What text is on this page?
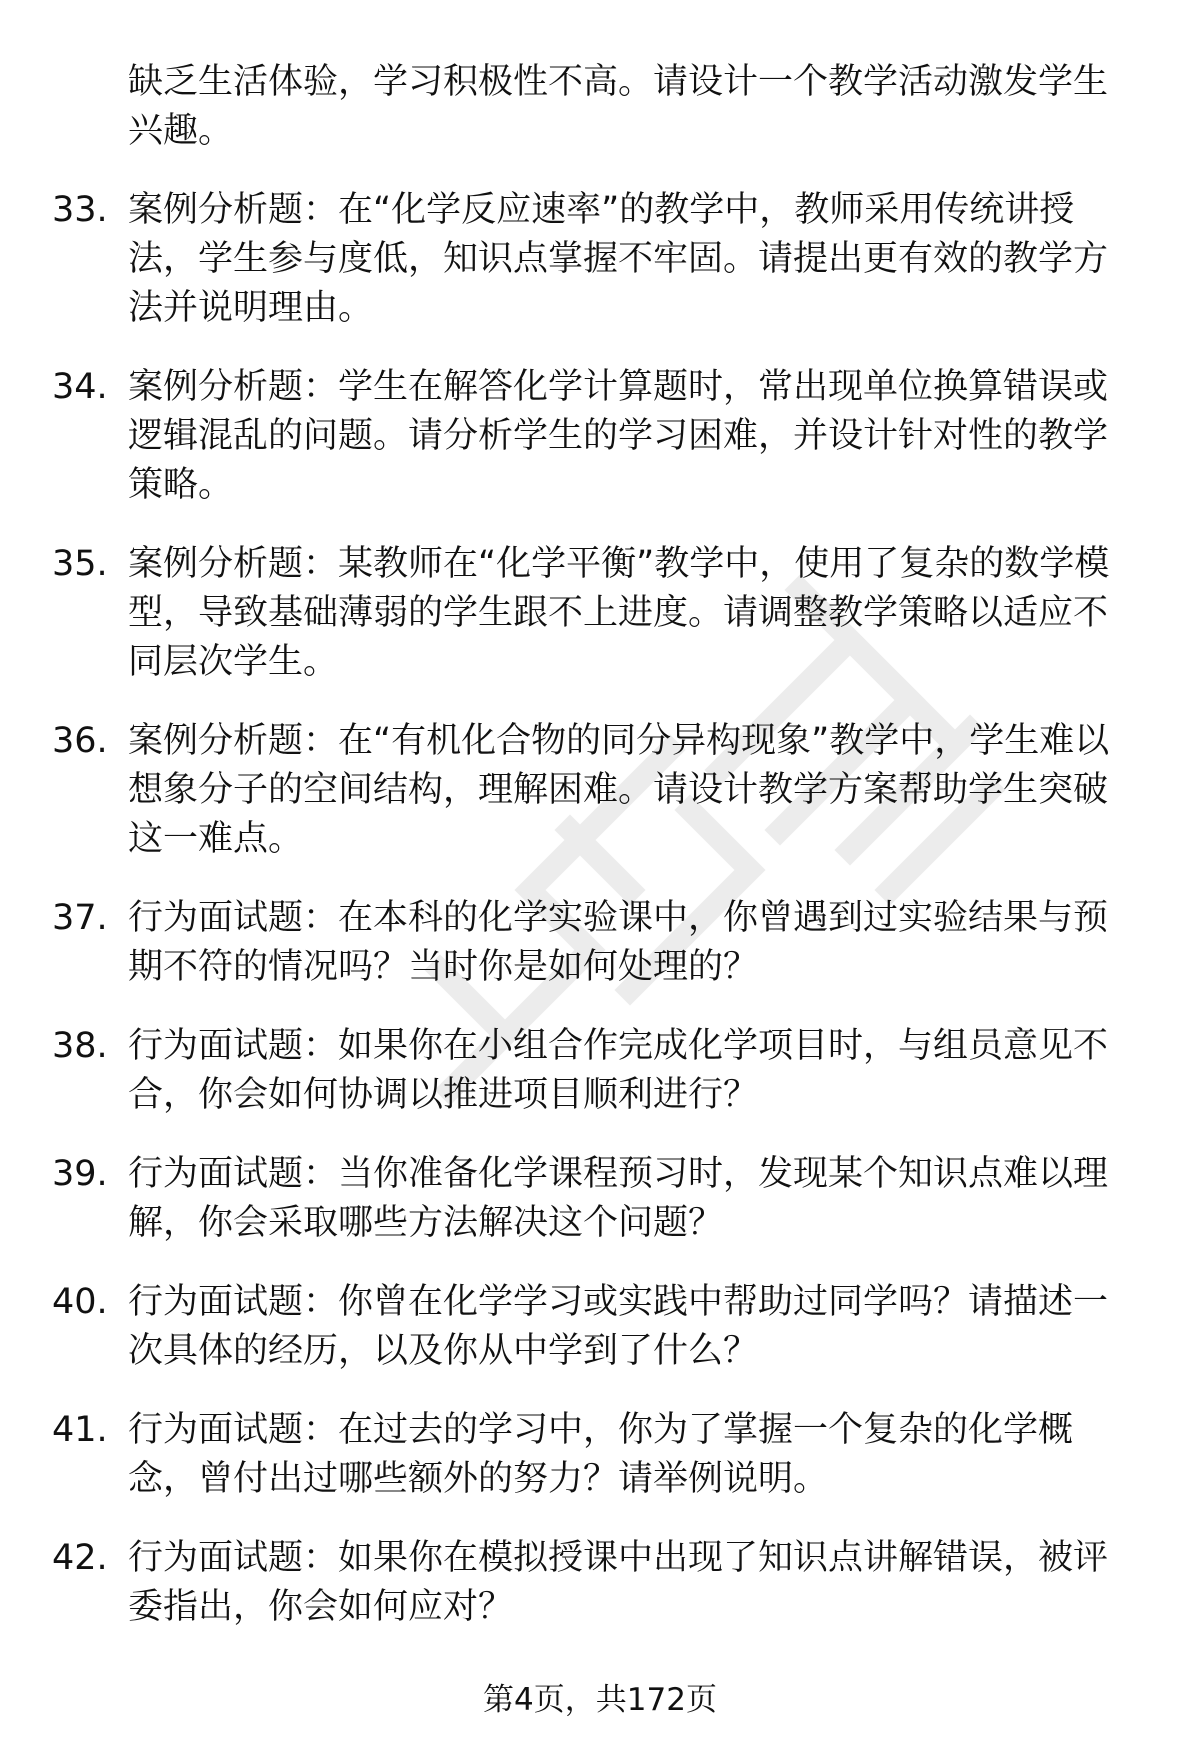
缺乏生活体验，学习积极性不高。请设计一个教学活动激发学生兴趣。
33. 案例分析题：在“化学反应速率”的教学中，教师采用传统讲授法，学生参与度低，知识点掌握不牢固。请提出更有效的教学方法并说明理由。
34. 案例分析题：学生在解答化学计算题时，常出现单位换算错误或逻辑混乱的问题。请分析学生的学习困难，并设计针对性的教学策略。
35. 案例分析题：某教师在“化学平衡”教学中，使用了复杂的数学模型，导致基础薄弱的学生跟不上进度。请调整教学策略以适应不同层次学生。
36. 案例分析题：在“有机化合物的同分异构现象”教学中，学生难以想象分子的空间结构，理解困难。请设计教学方案帮助学生突破这一难点。
37. 行为面试题：在本科的化学实验课中，你曾遇到过实验结果与预期不符的情况吗？当时你是如何处理的？
38. 行为面试题：如果你在小组合作完成化学项目时，与组员意见不合，你会如何协调以推进项目顺利进行？
39. 行为面试题：当你准备化学课程预习时，发现某个知识点难以理解，你会采取哪些方法解决这个问题？
40. 行为面试题：你曾在化学学习或实践中帮助过同学吗？请描述一次具体的经历，以及你从中学到了什么？
41. 行为面试题：在过去的学习中，你为了掌握一个复杂的化学概念，曾付出过哪些额外的努力？请举例说明。
42. 行为面试题：如果你在模拟授课中出现了知识点讲解错误，被评委指出，你会如何应对？
第4页，共172页
